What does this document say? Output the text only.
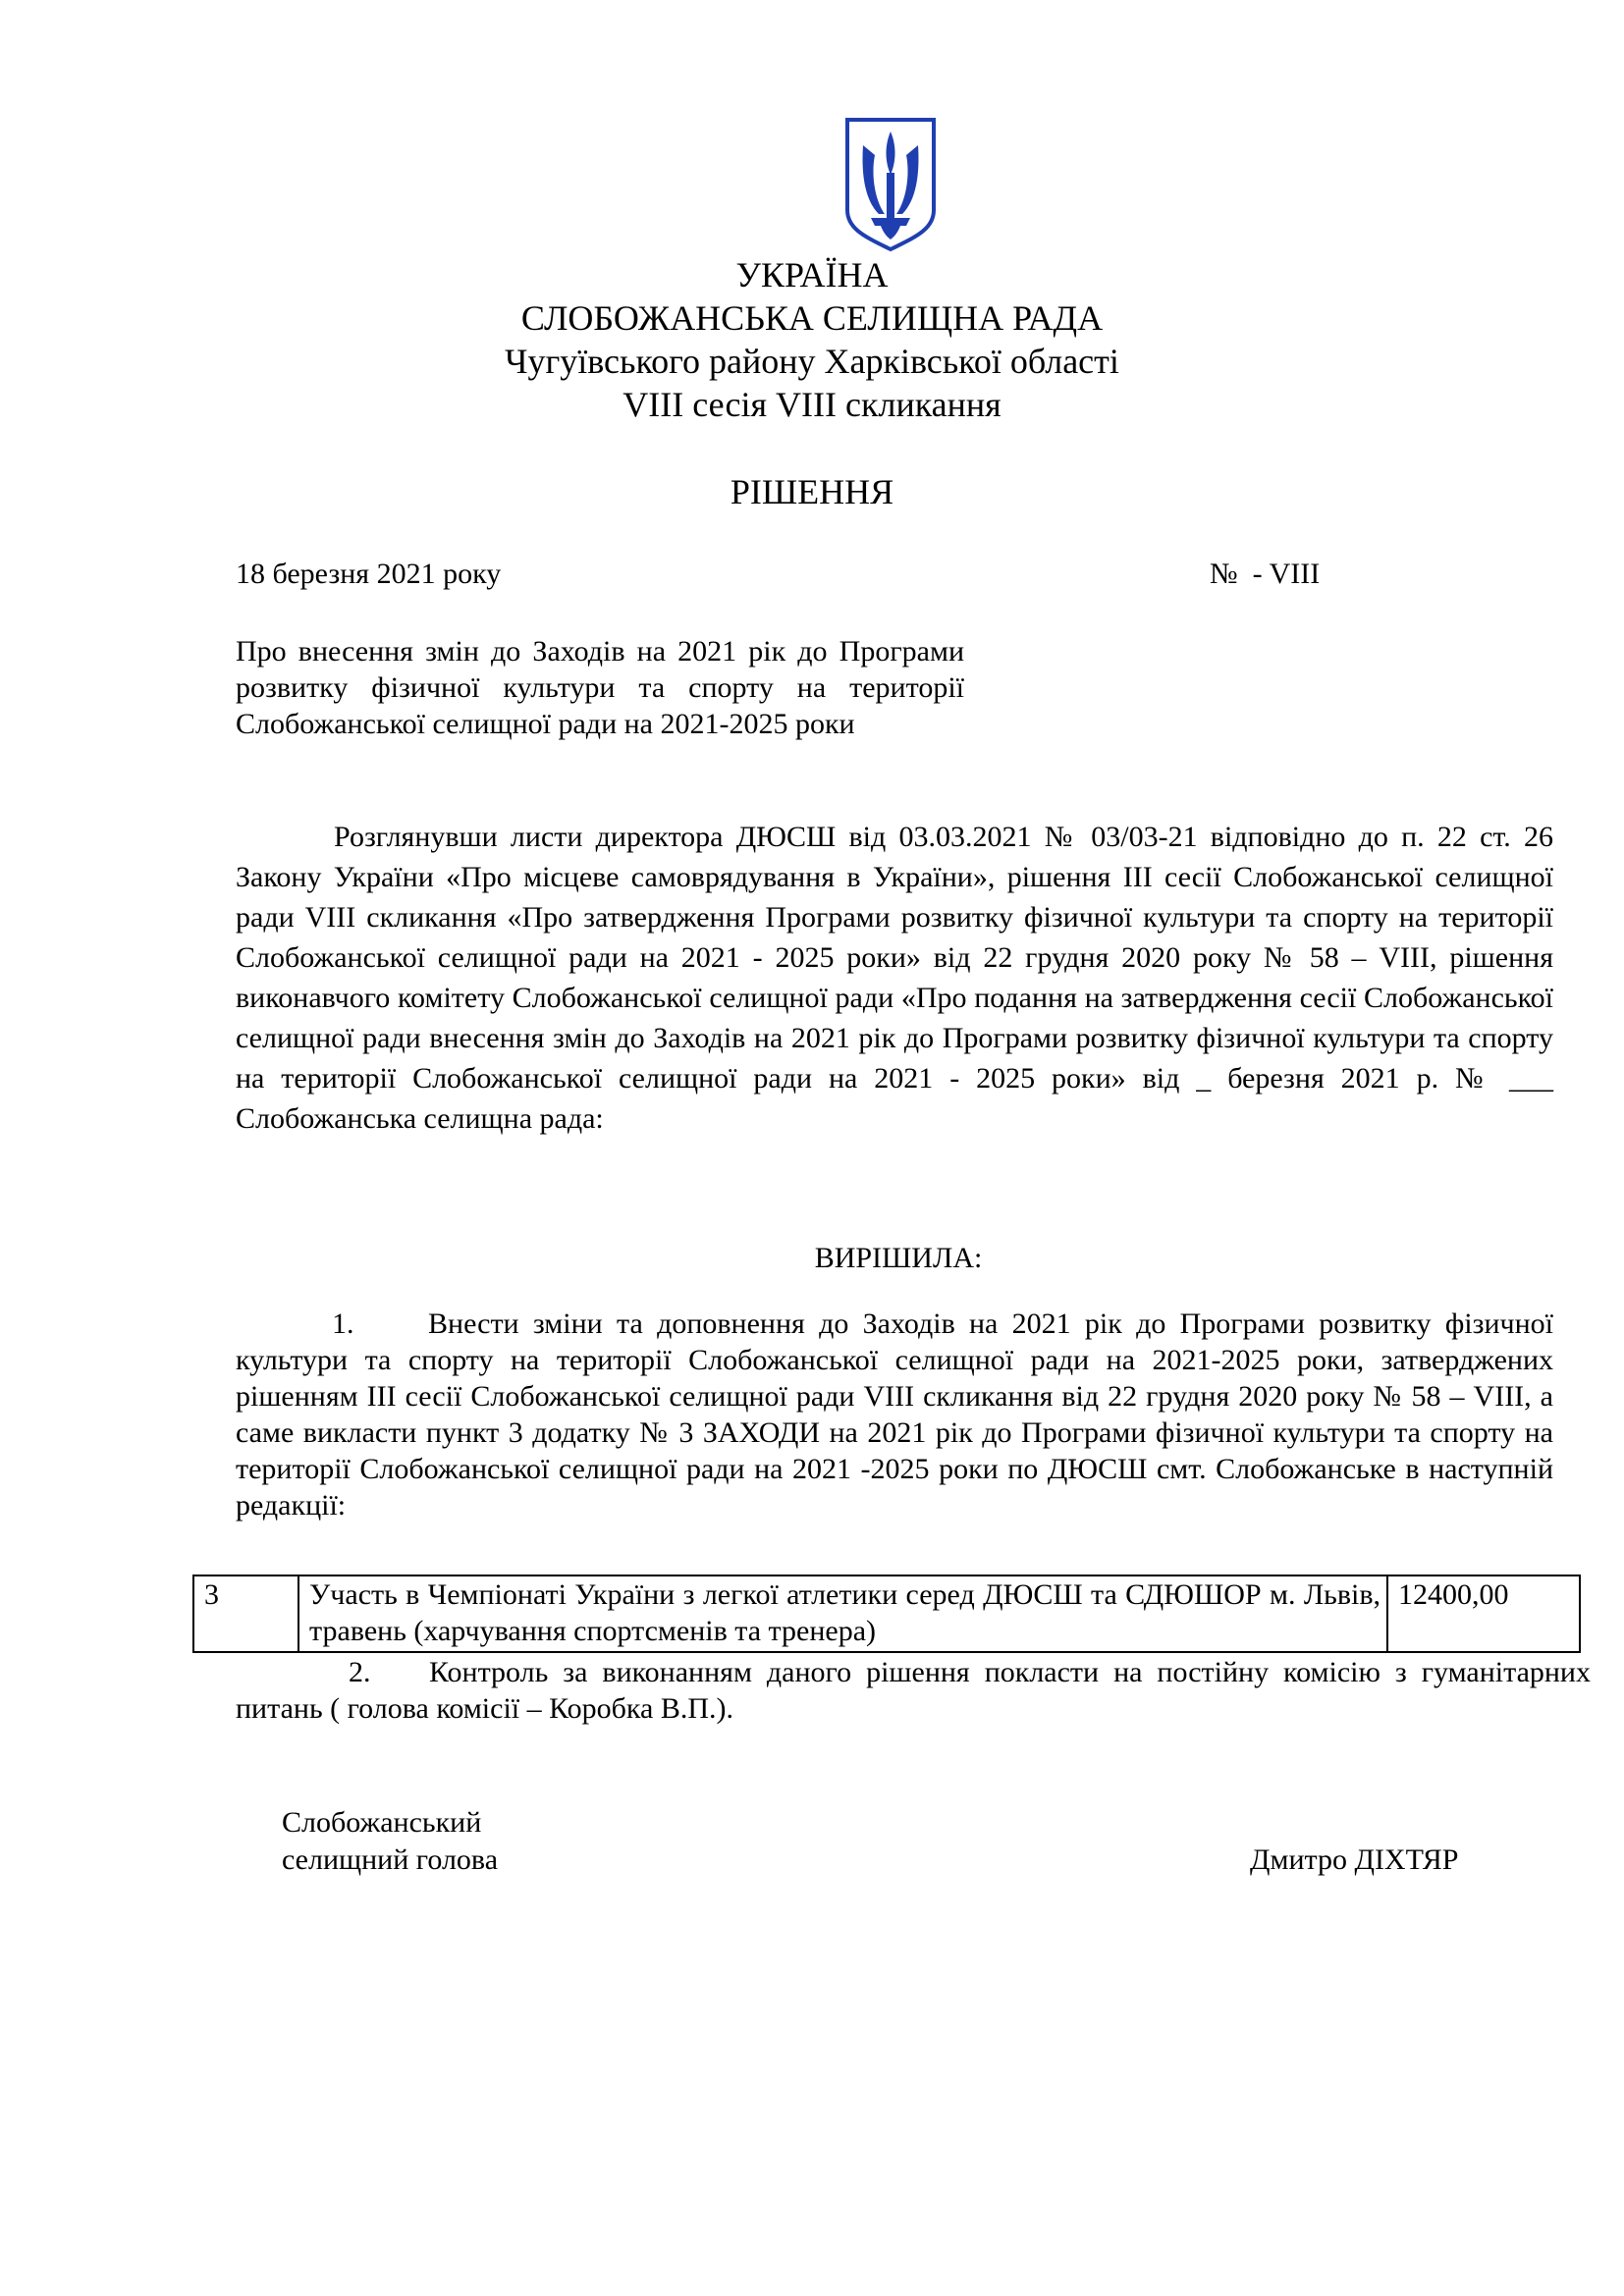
УКРАЇНА
СЛОБОЖАНСЬКА СЕЛИЩНА РАДА
Чугуївського району Харківської області
VIII сесія VIII скликання
РІШЕННЯ
18 березня 2021 року	№  - VIII
Про внесення змін до Заходів на 2021 рік до Програми розвитку фізичної культури та спорту на території Слобожанської селищної ради на 2021-2025 роки
Розглянувши листи директора ДЮСШ від 03.03.2021 № 03/03-21 відповідно до п. 22 ст. 26 Закону України «Про місцеве самоврядування в України», рішення ІІІ сесії Слобожанської селищної ради VIII скликання «Про затвердження Програми розвитку фізичної культури та спорту на території Слобожанської селищної ради на 2021 - 2025 роки» від 22 грудня 2020 року № 58 – VIII, рішення виконавчого комітету Слобожанської селищної ради «Про подання на затвердження сесії Слобожанської селищної ради внесення змін до Заходів на 2021 рік до Програми розвитку фізичної культури та спорту на території Слобожанської селищної ради на 2021 - 2025 роки» від _ березня 2021 р. № ___ Слобожанська селищна рада:
ВИРІШИЛА:
1.	Внести зміни та доповнення до Заходів на 2021 рік до Програми розвитку фізичної культури та спорту на території Слобожанської селищної ради на 2021-2025 роки, затверджених рішенням ІІІ сесії Слобожанської селищної ради VIII скликання від 22 грудня 2020 року № 58 – VIII, а саме викласти пункт 3 додатку № 3 ЗАХОДИ на 2021 рік до Програми фізичної культури та спорту на території Слобожанської селищної ради на 2021 -2025 роки по ДЮСШ смт. Слобожанське в наступній редакції:
3	Участь в Чемпіонаті України з легкої атлетики серед ДЮСШ та СДЮШОР м. Львів, травень (харчування спортсменів та тренера)	12400,00
2. Контроль за виконанням даного рішення покласти на постійну комісію з гуманітарних питань ( голова комісії – Коробка В.П.).
Слобожанський
селищний голова	Дмитро ДІХТЯР
